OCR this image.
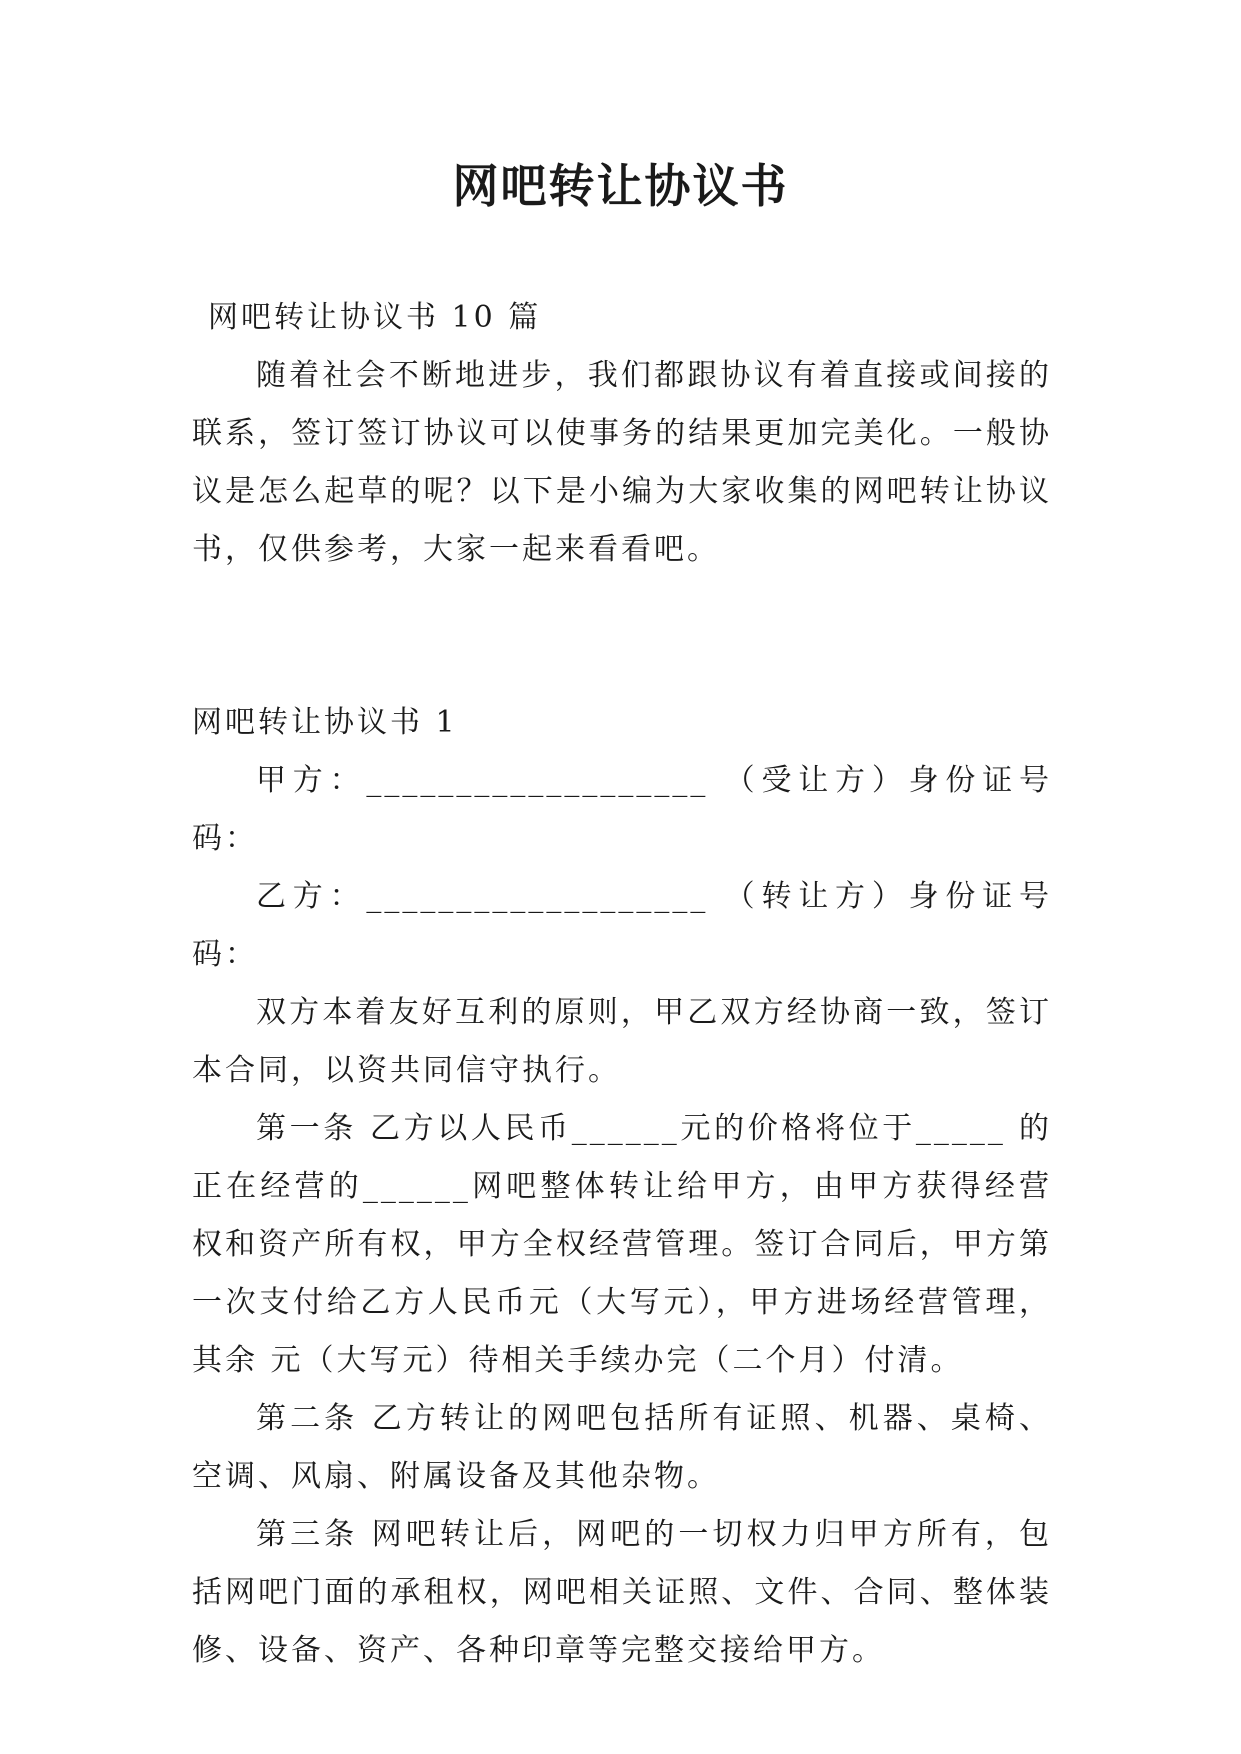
网吧转让协议书

网吧转让协议书 10 篇

随着社会不断地进步，我们都跟协议有着直接或间接的联系，签订签订协议可以使事务的结果更加完美化。一般协议是怎么起草的呢？以下是小编为大家收集的网吧转让协议书，仅供参考，大家一起来看看吧。

网吧转让协议书 1

甲方：___________________ （受让方）身份证号码：

乙方：___________________ （转让方）身份证号码：

双方本着友好互利的原则，甲乙双方经协商一致，签订本合同，以资共同信守执行。

第一条 乙方以人民币______元的价格将位于_____ 的正在经营的______网吧整体转让给甲方，由甲方获得经营权和资产所有权，甲方全权经营管理。签订合同后，甲方第一次支付给乙方人民币元（大写元），甲方进场经营管理，其余 元（大写元）待相关手续办完（二个月）付清。

第二条 乙方转让的网吧包括所有证照、机器、桌椅、空调、风扇、附属设备及其他杂物。

第三条 网吧转让后，网吧的一切权力归甲方所有，包括网吧门面的承租权，网吧相关证照、文件、合同、整体装修、设备、资产、各种印章等完整交接给甲方。
